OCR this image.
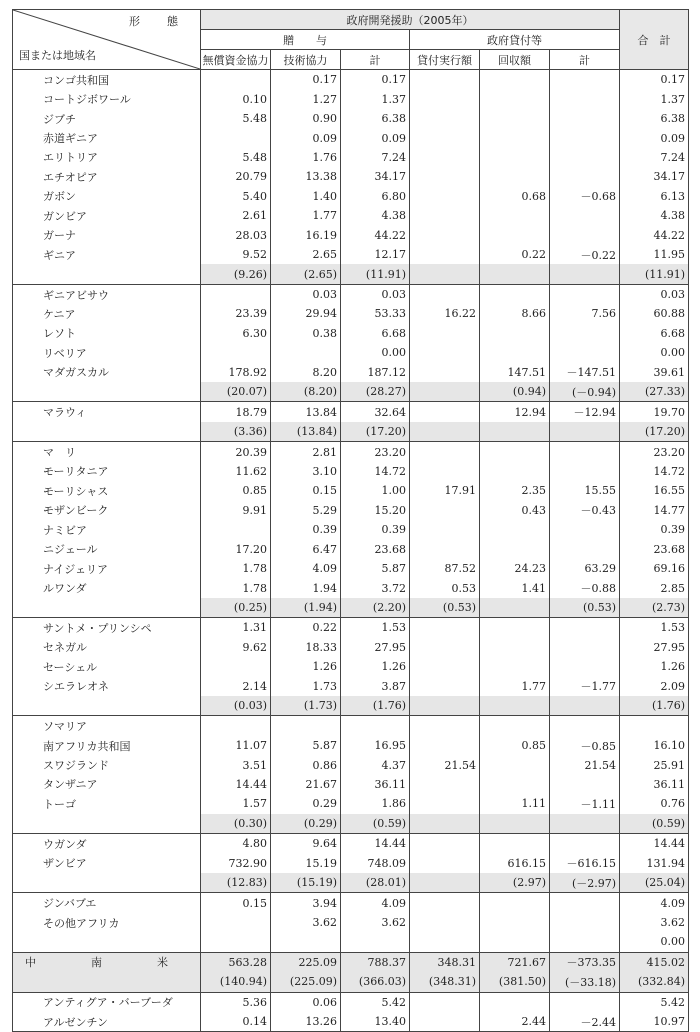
形　態
国または地域名	政府開発援助（2005年）						合　計
	贈　　与			政府貸付等			
	無償資金協力	技術協力	計	貸付実行額	回収額	計	
コンゴ共和国		0.17	0.17				0.17
コートジボワール	0.10	1.27	1.37				1.37
ジブチ	5.48	0.90	6.38				6.38
赤道ギニア		0.09	0.09				0.09
エリトリア	5.48	1.76	7.24				7.24
エチオピア	20.79	13.38	34.17				34.17
ガボン	5.40	1.40	6.80		0.68	－0.68	6.13
ガンビア	2.61	1.77	4.38				4.38
ガーナ	28.03	16.19	44.22				44.22
ギニア	9.52	2.65	12.17		0.22	－0.22	11.95
	(9.26)	(2.65)	(11.91)				(11.91)
ギニアビサウ		0.03	0.03				0.03
ケニア	23.39	29.94	53.33	16.22	8.66	7.56	60.88
レソト	6.30	0.38	6.68				6.68
リベリア			0.00				0.00
マダガスカル	178.92	8.20	187.12		147.51	－147.51	39.61
	(20.07)	(8.20)	(28.27)		(0.94)	(－0.94)	(27.33)
マラウィ	18.79	13.84	32.64		12.94	－12.94	19.70
	(3.36)	(13.84)	(17.20)				(17.20)
マ　リ	20.39	2.81	23.20				23.20
モーリタニア	11.62	3.10	14.72				14.72
モーリシャス	0.85	0.15	1.00	17.91	2.35	15.55	16.55
モザンビーク	9.91	5.29	15.20		0.43	－0.43	14.77
ナミビア		0.39	0.39				0.39
ニジェール	17.20	6.47	23.68				23.68
ナイジェリア	1.78	4.09	5.87	87.52	24.23	63.29	69.16
ルワンダ	1.78	1.94	3.72	0.53	1.41	－0.88	2.85
	(0.25)	(1.94)	(2.20)	(0.53)		(0.53)	(2.73)
サントメ・プリンシペ	1.31	0.22	1.53				1.53
セネガル	9.62	18.33	27.95				27.95
セーシェル		1.26	1.26				1.26
シエラレオネ	2.14	1.73	3.87		1.77	－1.77	2.09
	(0.03)	(1.73)	(1.76)				(1.76)
ソマリア							
南アフリカ共和国	11.07	5.87	16.95		0.85	－0.85	16.10
スワジランド	3.51	0.86	4.37	21.54		21.54	25.91
タンザニア	14.44	21.67	36.11				36.11
トーゴ	1.57	0.29	1.86		1.11	－1.11	0.76
	(0.30)	(0.29)	(0.59)				(0.59)
ウガンダ	4.80	9.64	14.44				14.44
ザンビア	732.90	15.19	748.09		616.15	－616.15	131.94
	(12.83)	(15.19)	(28.01)		(2.97)	(－2.97)	(25.04)
ジンバブエ	0.15	3.94	4.09				4.09
その他アフリカ		3.62	3.62				3.62
							0.00
中　南　米	563.28	225.09	788.37	348.31	721.67	－373.35	415.02
	(140.94)	(225.09)	(366.03)	(348.31)	(381.50)	(－33.18)	(332.84)
アンティグア・バーブーダ	5.36	0.06	5.42				5.42
アルゼンチン	0.14	13.26	13.40		2.44	－2.44	10.97
